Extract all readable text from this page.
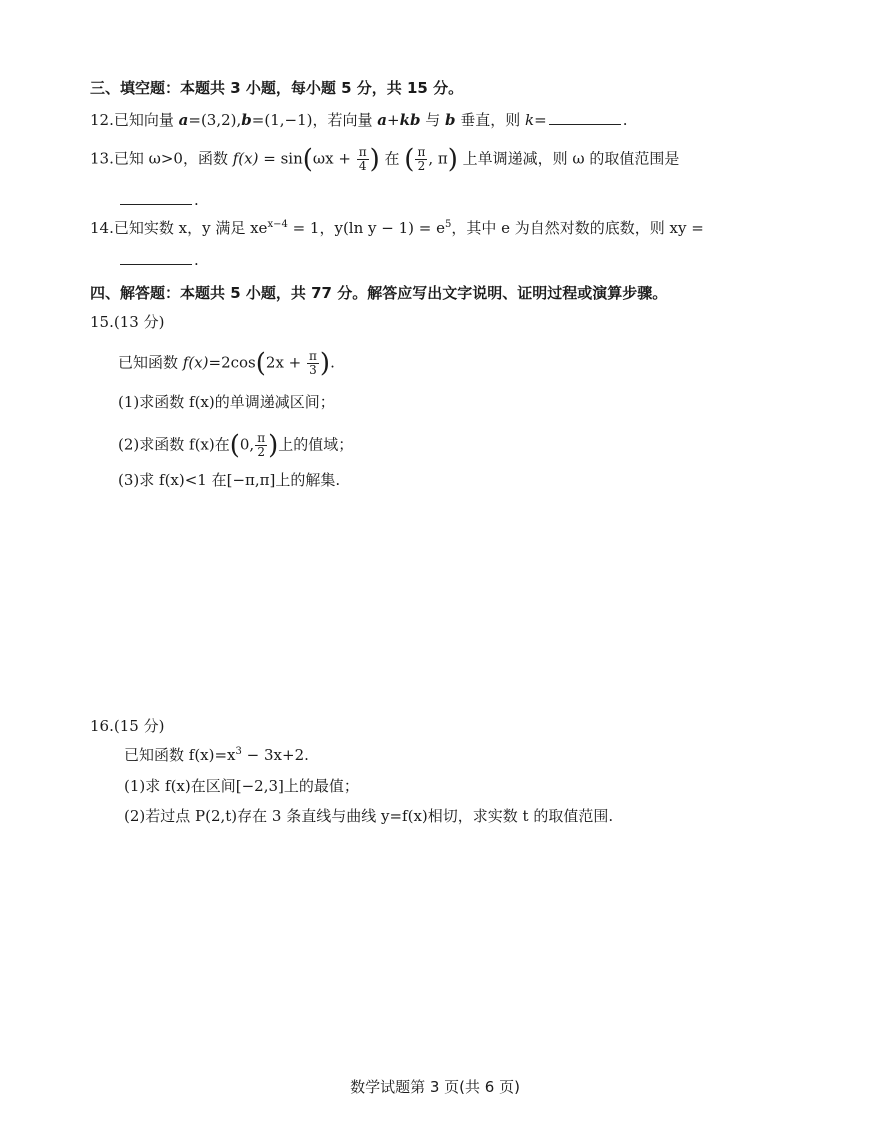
三、填空题：本题共 3 小题，每小题 5 分，共 15 分。
12.已知向量 a=(3,2),b=(1,−1)，若向量 a+kb 与 b 垂直，则 k=	.
13.已知 ω>0，函数 $f(x) = \sin(\omega x + \frac{\pi}{4}$ ) 在 ( $\frac{\pi}{2}$ , π) 上单调递减，则 ω 的取值范围是
.
14.已知实数 x，y 满足 $xe^{x-4} = 1$，y(ln $y - 1) = e^5$，其中 e 为自然对数的底数，则 xy =
.
四、解答题：本题共 5 小题，共 77 分。解答应写出文字说明、证明过程或演算步骤。
15.(13 分)
已知函数 $f(x)=2\cos(2x + \frac{\pi}{3}$ ).
(1)求函数 f(x)的单调递减区间；
(2)求函数 f(x)在(0, $\frac{\pi}{2}$ )上的值域；
(3)求 f(x)<1 在[−π,π]上的解集.
16.(15 分)
已知函数 $f(x)=x^3 - 3x+2$.
(1)求 f(x)在区间[−2,3]上的最值；
(2)若过点 P(2,t)存在 3 条直线与曲线 y=f(x)相切，求实数 t 的取值范围.
数学试题第 3 页(共 6 页)
